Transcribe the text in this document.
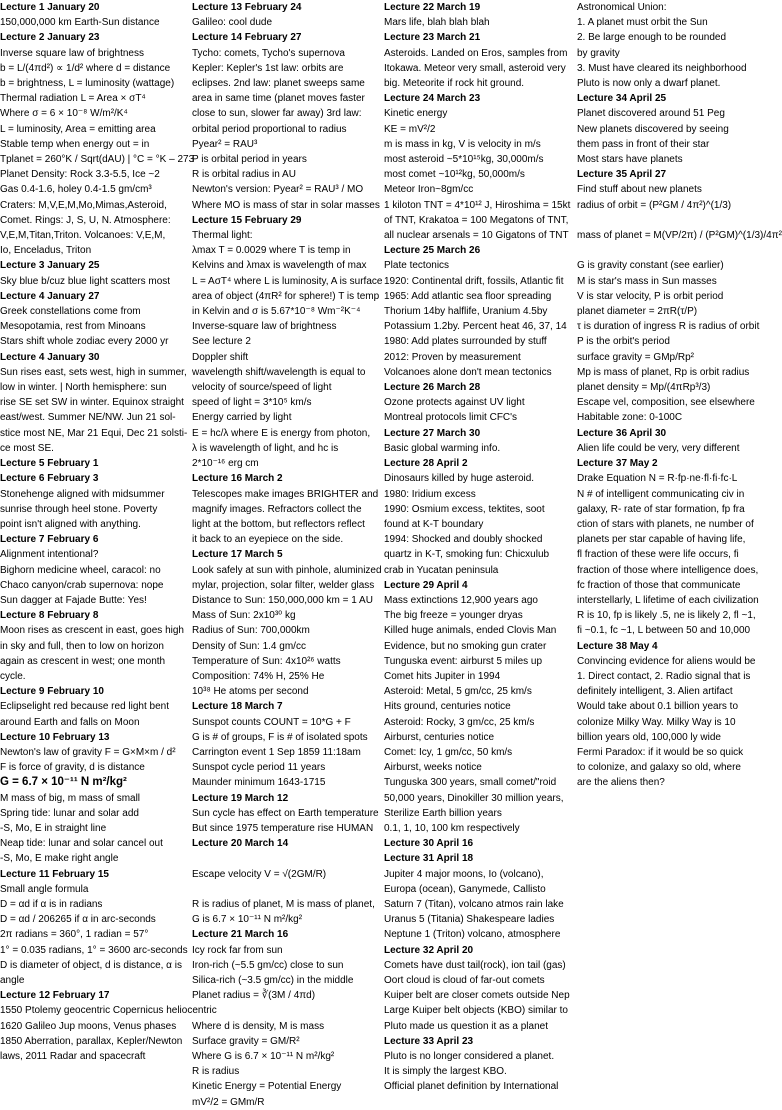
Lecture 1 January 20
150,000,000 km Earth-Sun distance
Lecture 2 January 23
Inverse square law of brightness
b = L/(4πd²) ∝ 1/d² where d = distance
b = brightness, L = luminosity (wattage)
Thermal radiation L = Area × σT⁴
Where σ = 6 × 10⁻⁸ W/m²/K⁴
L = luminosity, Area = emitting area
Stable temp when energy out = in
Tplanet = 260°K / Sqrt(dAU) | °C = °K – 273
Planet Density: Rock 3.3-5.5, Ice ~2
Gas 0.4-1.6, holey 0.4-1.5 gm/cm³
Craters: M,V,E,M,Mo,Mimas,Asteroid,
Comet. Rings: J, S, U, N. Atmosphere:
V,E,M,Titan,Triton. Volcanoes: V,E,M,
Io, Enceladus, Triton
Lecture 3 January 25
Sky blue b/cuz blue light scatters most
Lecture 4 January 27
Greek constellations come from
Mesopotamia, rest from Minoans
Stars shift whole zodiac every 2000 yr
Lecture 4 January 30
Sun rises east, sets west, high in summer,
low in winter. | North hemisphere: sun
rise SE set SW in winter. Equinox straight
east/west. Summer NE/NW. Jun 21 sol-
stice most NE, Mar 21 Equi, Dec 21 solsti-
ce most SE.
Lecture 5 February 1
Lecture 6 February 3
Stonehenge aligned with midsummer
sunrise through heel stone. Poverty
point isn't aligned with anything.
Lecture 7 February 6
Alignment intentional?
Bighorn medicine wheel, caracol: no
Chaco canyon/crab supernova: nope
Sun dagger at Fajade Butte: Yes!
Lecture 8 February 8
Moon rises as crescent in east, goes high
in sky and full, then to low on horizon
again as crescent in west; one month
cycle.
Lecture 9 February 10
Eclipselight red because red light bent
around Earth and falls on Moon
Lecture 10 February 13
Newton's law of gravity F = G×M×m / d²
F is force of gravity, d is distance
G = 6.7 × 10⁻¹¹ N m²/kg²
M mass of big, m mass of small
Spring tide: lunar and solar add
-S, Mo, E in straight line
Neap tide: lunar and solar cancel out
-S, Mo, E make right angle
Lecture 11 February 15
Small angle formula
D = αd if α is in radians
D = αd / 206265 if α in arc-seconds
2π radians = 360°, 1 radian = 57°
1° = 0.035 radians, 1° = 3600 arc-seconds
D is diameter of object, d is distance, α is
angle
Lecture 12 February 17
1550 Ptolemy geocentric Copernicus heliocentric
1620 Galileo Jup moons, Venus phases
1850 Aberration, parallax, Kepler/Newton
laws, 2011 Radar and spacecraft
Lecture 13 February 24
Galileo: cool dude
Lecture 14 February 27
Tycho: comets, Tycho's supernova
Kepler: Kepler's 1st law: orbits are
eclipses. 2nd law: planet sweeps same
area in same time (planet moves faster
close to sun, slower far away) 3rd law:
orbital period proportional to radius
Pyear² = RAU³
P is orbital period in years
R is orbital radius in AU
Newton's version: Pyear² = RAU³ / MO
Where MO is mass of star in solar masses
Lecture 15 February 29
Thermal light:
λmax T = 0.0029 where T is temp in
Kelvins and λmax is wavelength of max
L = AσT⁴ where L is luminosity, A is surface
area of object (4πR² for sphere!) T is temp
in Kelvin and σ is 5.67*10⁻⁸ Wm⁻²K⁻⁴
Inverse-square law of brightness
See lecture 2
Doppler shift
wavelength shift/wavelength is equal to
velocity of source/speed of light
speed of light = 3*10⁵ km/s
Energy carried by light
E = hc/λ where E is energy from photon,
λ is wavelength of light, and hc is
2*10⁻¹⁶ erg cm
Lecture 16 March 2
Telescopes make images BRIGHTER and
magnify images. Refractors collect the
light at the bottom, but reflectors reflect
it back to an eyepiece on the side.
Lecture 17 March 5
Look safely at sun with pinhole, aluminized
mylar, projection, solar filter, welder glass
Distance to Sun: 150,000,000 km = 1 AU
Mass of Sun: 2x10³⁰ kg
Radius of Sun: 700,000km
Density of Sun: 1.4 gm/cc
Temperature of Sun: 4x10²⁶ watts
Composition: 74% H, 25% He
10³⁸ He atoms per second
Lecture 18 March 7
Sunspot counts COUNT = 10*G + F
G is # of groups, F is # of isolated spots
Carrington event 1 Sep 1859 11:18am
Sunspot cycle period 11 years
Maunder minimum 1643-1715
Lecture 19 March 12
Sun cycle has effect on Earth temperature
But since 1975 temperature rise HUMAN
Lecture 20 March 14

Escape velocity V = √(2GM/R)

R is radius of planet, M is mass of planet,
G is 6.7 × 10⁻¹¹ N m²/kg²
Lecture 21 March 16
Icy rock far from sun
Iron-rich (~5.5 gm/cc) close to sun
Silica-rich (~3.5 gm/cc) in the middle
Planet radius = ∛(3M / 4πd)

Where d is density, M is mass
Surface gravity = GM/R²
Where G is 6.7 × 10⁻¹¹ N m²/kg²
R is radius
Kinetic Energy = Potential Energy
mV²/2 = GMm/R
Lecture 22 March 19
Mars life, blah blah blah
Lecture 23 March 21
Asteroids. Landed on Eros, samples from
Itokawa. Meteor very small, asteroid very
big. Meteorite if rock hit ground.
Lecture 24 March 23
Kinetic energy
KE = mV²/2
m is mass in kg, V is velocity in m/s
most asteroid ~5*10¹⁵kg, 30,000m/s
most comet ~10¹²kg, 50,000m/s
Meteor Iron~8gm/cc
1 kiloton TNT = 4*10¹² J, Hiroshima = 15kt
of TNT, Krakatoa = 100 Megatons of TNT,
all nuclear arsenals = 10 Gigatons of TNT
Lecture 25 March 26
Plate tectonics
1920: Continental drift, fossils, Atlantic fit
1965: Add atlantic sea floor spreading
Thorium 14by halflife, Uranium 4.5by
Potassium 1.2by. Percent heat 46, 37, 14
1980: Add plates surrounded by stuff
2012: Proven by measurement
Volcanoes alone don't mean tectonics
Lecture 26 March 28
Ozone protects against UV light
Montreal protocols limit CFC's
Lecture 27 March 30
Basic global warming info.
Lecture 28 April 2
Dinosaurs killed by huge asteroid.
1980: Iridium excess
1990: Osmium excess, tektites, soot
found at K-T boundary
1994: Shocked and doubly shocked
quartz in K-T, smoking fun: Chicxulub
crab in Yucatan peninsula
Lecture 29 April 4
Mass extinctions 12,900 years ago
The big freeze = younger dryas
Killed huge animals, ended Clovis Man
Evidence, but no smoking gun crater
Tunguska event: airburst 5 miles up
Comet hits Jupiter in 1994
Asteroid: Metal, 5 gm/cc, 25 km/s
Hits ground, centuries notice
Asteroid: Rocky, 3 gm/cc, 25 km/s
Airburst, centuries notice
Comet: Icy, 1 gm/cc, 50 km/s
Airburst, weeks notice
Tunguska 300 years, small comet/"roid
50,000 years, Dinokiller 30 million years,
Sterilize Earth billion years
0.1, 1, 10, 100 km respectively
Lecture 30 April 16
Lecture 31 April 18
Jupiter 4 major moons, Io (volcano),
Europa (ocean), Ganymede, Callisto
Saturn 7 (Titan), volcano atmos rain lake
Uranus 5 (Titania) Shakespeare ladies
Neptune 1 (Triton) volcano, atmosphere
Lecture 32 April 20
Comets have dust tail(rock), ion tail (gas)
Oort cloud is cloud of far-out comets
Kuiper belt are closer comets outside Nep
Large Kuiper belt objects (KBO) similar to
Pluto made us question it as a planet
Lecture 33 April 23
Pluto is no longer considered a planet.
It is simply the largest KBO.
Official planet definition by International
Astronomical Union:
1. A planet must orbit the Sun
2. Be large enough to be rounded
by gravity
3. Must have cleared its neighborhood
Pluto is now only a dwarf planet.
Lecture 34 April 25
Planet discovered around 51 Peg
New planets discovered by seeing
them pass in front of their star
Most stars have planets
Lecture 35 April 27
Find stuff about new planets
radius of orbit = (P²GM / 4π²)^(1/3)

mass of planet = M(VP/2π) / (P²GM)^(1/3)/4π²

G is gravity constant (see earlier)
M is star's mass in Sun masses
V is star velocity, P is orbit period
planet diameter = 2πR(τ/P)
τ is duration of ingress R is radius of orbit
P is the orbit's period
surface gravity = GMp/Rp²
Mp is mass of planet, Rp is orbit radius
planet density = Mp/(4πRp³/3)
Escape vel, composition, see elsewhere
Habitable zone: 0-100C
Lecture 36 April 30
Alien life could be very, very different
Lecture 37 May 2
Drake Equation N = R·fp·ne·fl·fi·fc·L
N # of intelligent communicating civ in
galaxy, R- rate of star formation, fp fra
ction of stars with planets, ne number of
planets per star capable of having life,
fl fraction of these were life occurs, fi
fraction of those where intelligence does,
fc fraction of those that communicate
interstellarly, L lifetime of each civilization
R is 10, fp is likely .5, ne is likely 2, fl ~1,
fi ~0.1, fc ~1, L between 50 and 10,000
Lecture 38 May 4
Convincing evidence for aliens would be
1. Direct contact, 2. Radio signal that is
definitely intelligent, 3. Alien artifact
Would take about 0.1 billion years to
colonize Milky Way. Milky Way is 10
billion years old, 100,000 ly wide
Fermi Paradox: if it would be so quick
to colonize, and galaxy so old, where
are the aliens then?
